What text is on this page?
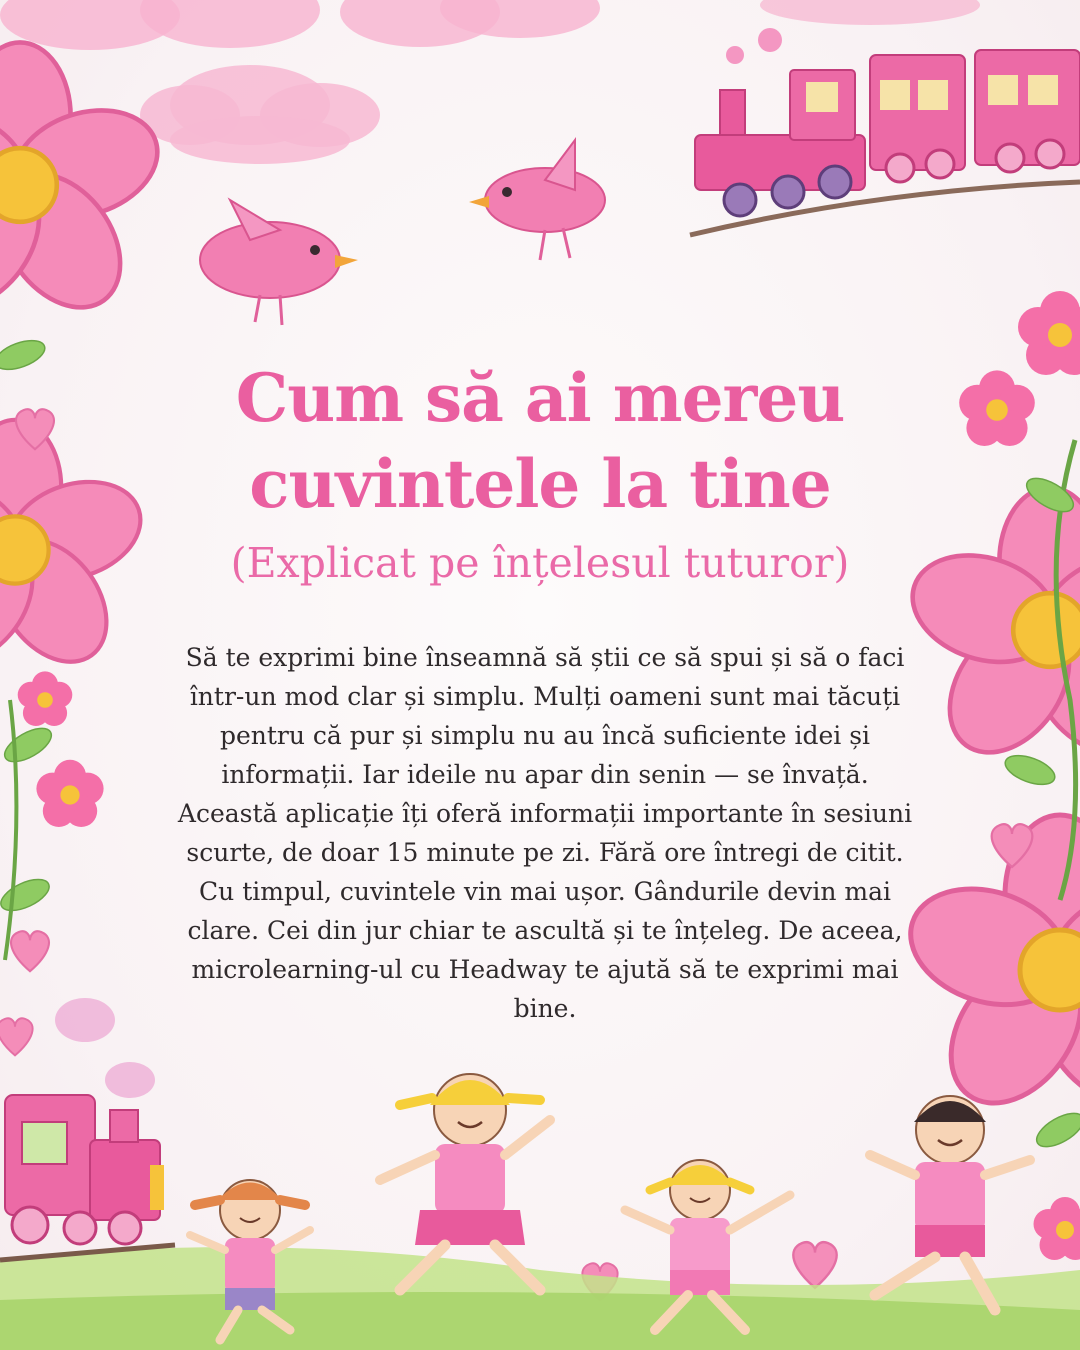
Cum să ai mereu
cuvintele la tine

(Explicat pe înțelesul tuturor)

Să te exprimi bine înseamnă să știi ce să spui și să o faci într-un mod clar și simplu. Mulți oameni sunt mai tăcuți pentru că pur și simplu nu au încă suficiente idei și informații. Iar ideile nu apar din senin — se învață. Această aplicație îți oferă informații importante în sesiuni scurte, de doar 15 minute pe zi. Fără ore întregi de citit. Cu timpul, cuvintele vin mai ușor. Gândurile devin mai clare. Cei din jur chiar te ascultă și te înțeleg. De aceea, microlearning-ul cu Headway te ajută să te exprimi mai bine.
